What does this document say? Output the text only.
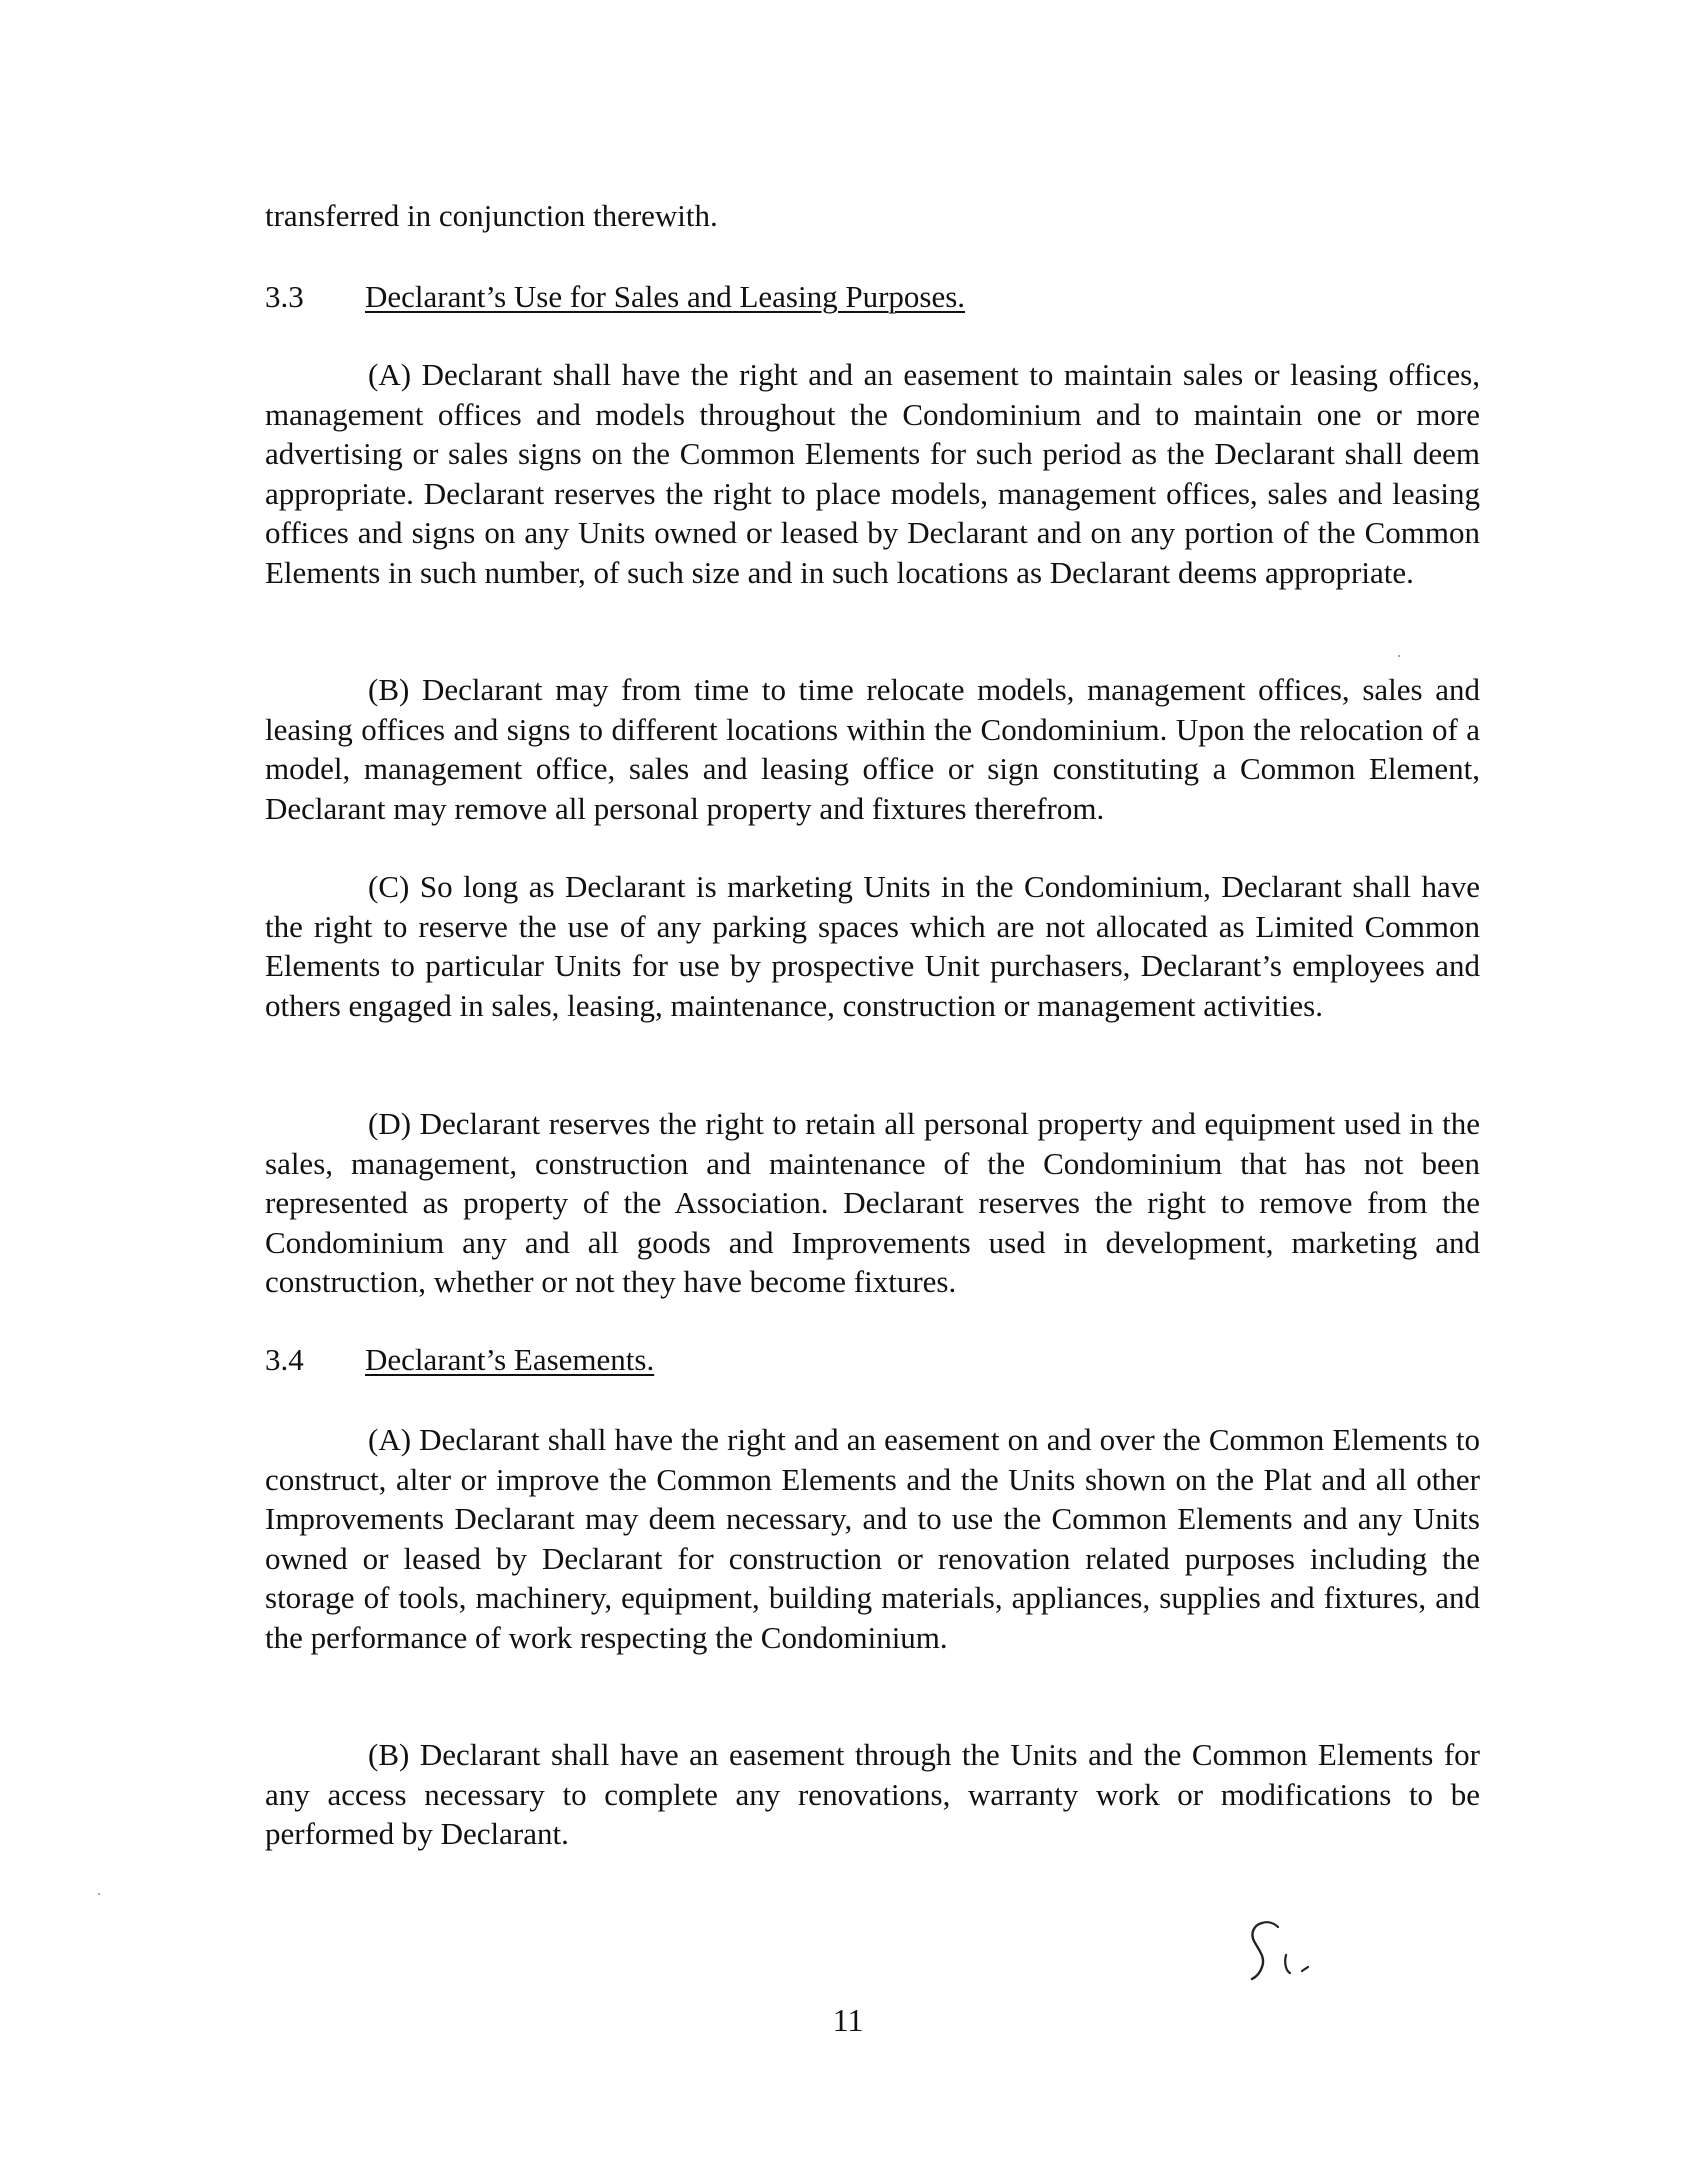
transferred in conjunction therewith.

3.3 Declarant’s Use for Sales and Leasing Purposes.

(A) Declarant shall have the right and an easement to maintain sales or leasing offices, management offices and models throughout the Condominium and to maintain one or more advertising or sales signs on the Common Elements for such period as the Declarant shall deem appropriate. Declarant reserves the right to place models, management offices, sales and leasing offices and signs on any Units owned or leased by Declarant and on any portion of the Common Elements in such number, of such size and in such locations as Declarant deems appropriate.

(B) Declarant may from time to time relocate models, management offices, sales and leasing offices and signs to different locations within the Condominium. Upon the relocation of a model, management office, sales and leasing office or sign constituting a Common Element, Declarant may remove all personal property and fixtures therefrom.

(C) So long as Declarant is marketing Units in the Condominium, Declarant shall have the right to reserve the use of any parking spaces which are not allocated as Limited Common Elements to particular Units for use by prospective Unit purchasers, Declarant’s employees and others engaged in sales, leasing, maintenance, construction or management activities.

(D) Declarant reserves the right to retain all personal property and equipment used in the sales, management, construction and maintenance of the Condominium that has not been represented as property of the Association. Declarant reserves the right to remove from the Condominium any and all goods and Improvements used in development, marketing and construction, whether or not they have become fixtures.

3.4 Declarant’s Easements.

(A) Declarant shall have the right and an easement on and over the Common Elements to construct, alter or improve the Common Elements and the Units shown on the Plat and all other Improvements Declarant may deem necessary, and to use the Common Elements and any Units owned or leased by Declarant for construction or renovation related purposes including the storage of tools, machinery, equipment, building materials, appliances, supplies and fixtures, and the performance of work respecting the Condominium.

(B) Declarant shall have an easement through the Units and the Common Elements for any access necessary to complete any renovations, warranty work or modifications to be performed by Declarant.

11
